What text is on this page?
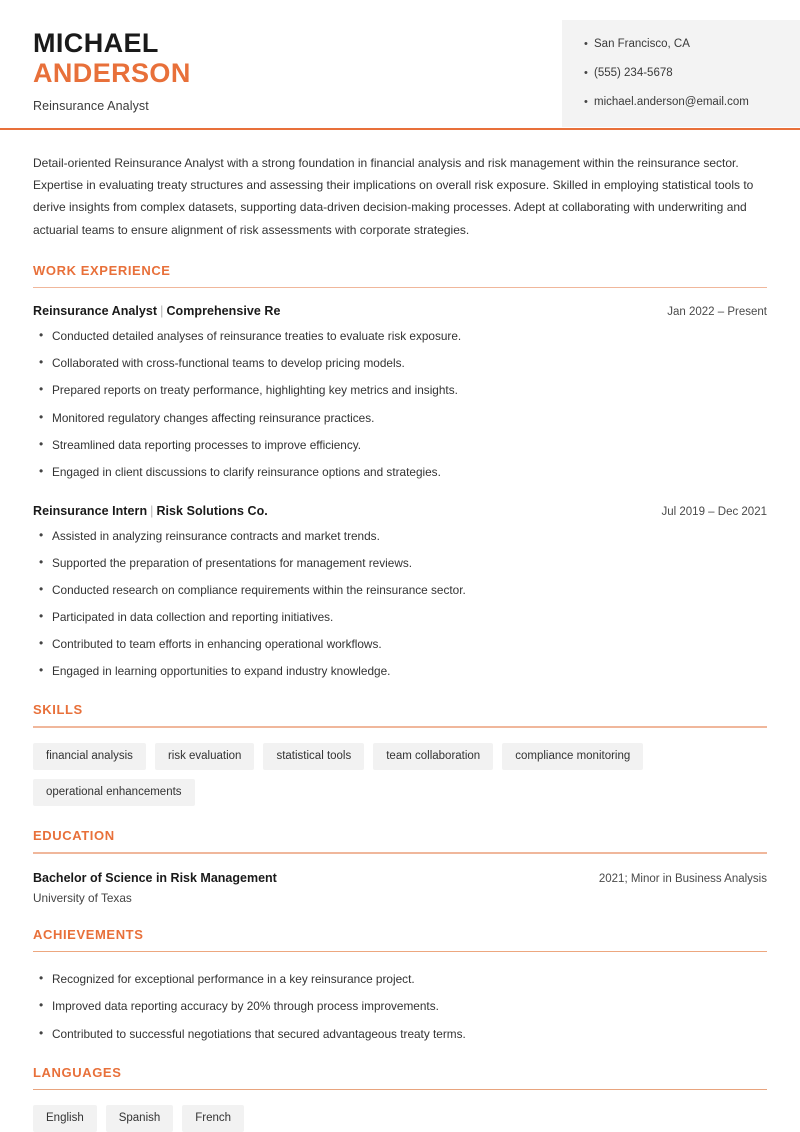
MICHAEL
ANDERSON
Reinsurance Analyst
• San Francisco, CA
• (555) 234-5678
• michael.anderson@email.com

Detail-oriented Reinsurance Analyst with a strong foundation in financial analysis and risk management within the reinsurance sector. Expertise in evaluating treaty structures and assessing their implications on overall risk exposure. Skilled in employing statistical tools to derive insights from complex datasets, supporting data-driven decision-making processes. Adept at collaborating with underwriting and actuarial teams to ensure alignment of risk assessments with corporate strategies.

WORK EXPERIENCE
Reinsurance Analyst | Comprehensive Re	Jan 2022 – Present
• Conducted detailed analyses of reinsurance treaties to evaluate risk exposure.
• Collaborated with cross-functional teams to develop pricing models.
• Prepared reports on treaty performance, highlighting key metrics and insights.
• Monitored regulatory changes affecting reinsurance practices.
• Streamlined data reporting processes to improve efficiency.
• Engaged in client discussions to clarify reinsurance options and strategies.
Reinsurance Intern | Risk Solutions Co.	Jul 2019 – Dec 2021
• Assisted in analyzing reinsurance contracts and market trends.
• Supported the preparation of presentations for management reviews.
• Conducted research on compliance requirements within the reinsurance sector.
• Participated in data collection and reporting initiatives.
• Contributed to team efforts in enhancing operational workflows.
• Engaged in learning opportunities to expand industry knowledge.
SKILLS
financial analysis	risk evaluation	statistical tools	team collaboration	compliance monitoring
operational enhancements
EDUCATION
Bachelor of Science in Risk Management	2021; Minor in Business Analysis
University of Texas
ACHIEVEMENTS
• Recognized for exceptional performance in a key reinsurance project.
• Improved data reporting accuracy by 20% through process improvements.
• Contributed to successful negotiations that secured advantageous treaty terms.
LANGUAGES
English	Spanish	French
